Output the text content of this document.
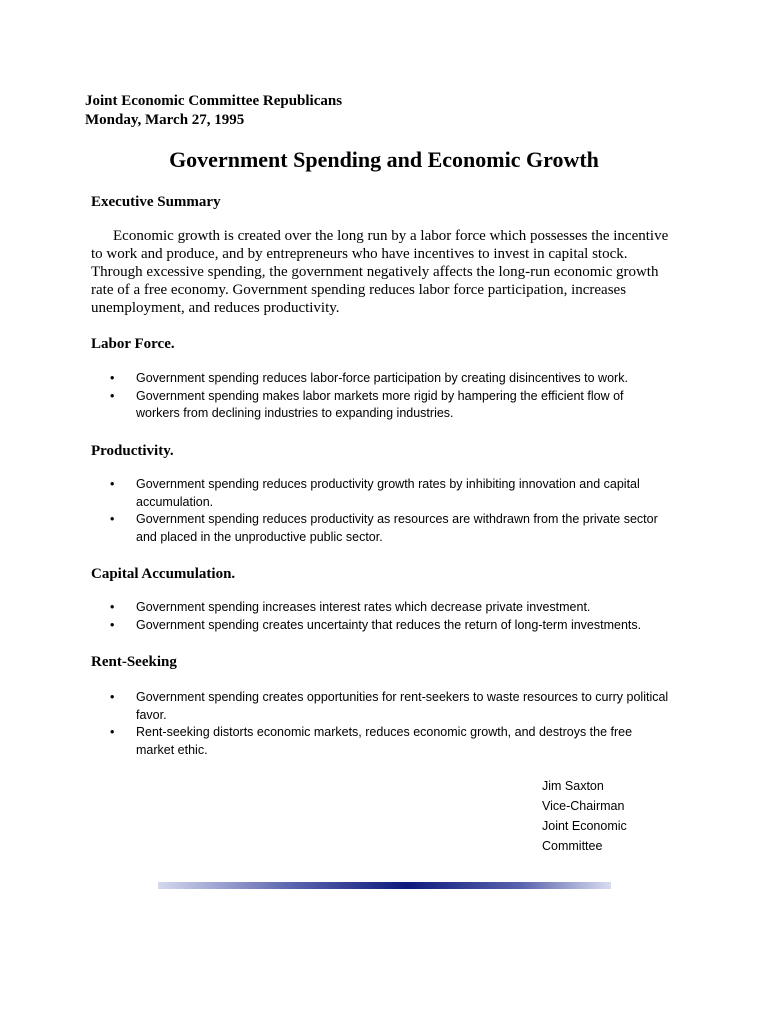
Joint Economic Committee Republicans
Monday, March 27, 1995
Government Spending and Economic Growth
Executive Summary
Economic growth is created over the long run by a labor force which possesses the incentive to work and produce, and by entrepreneurs who have incentives to invest in capital stock. Through excessive spending, the government negatively affects the long-run economic growth rate of a free economy. Government spending reduces labor force participation, increases unemployment, and reduces productivity.
Labor Force.
• Government spending reduces labor-force participation by creating disincentives to work.
• Government spending makes labor markets more rigid by hampering the efficient flow of workers from declining industries to expanding industries.
Productivity.
• Government spending reduces productivity growth rates by inhibiting innovation and capital accumulation.
• Government spending reduces productivity as resources are withdrawn from the private sector and placed in the unproductive public sector.
Capital Accumulation.
• Government spending increases interest rates which decrease private investment.
• Government spending creates uncertainty that reduces the return of long-term investments.
Rent-Seeking
• Government spending creates opportunities for rent-seekers to waste resources to curry political favor.
• Rent-seeking distorts economic markets, reduces economic growth, and destroys the free market ethic.
Jim Saxton
Vice-Chairman
Joint Economic
Committee
